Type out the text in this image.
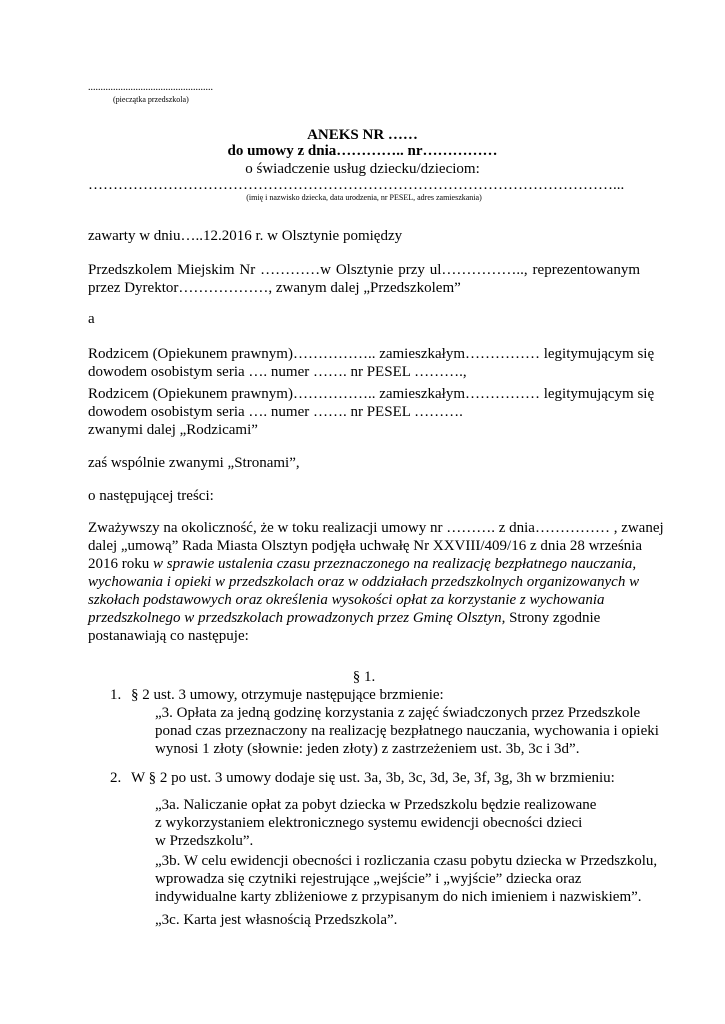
..................................................
(pieczątka przedszkola)
ANEKS NR ……
do umowy z dnia………….. nr……………
o świadczenie usług dziecku/dzieciom:
……………………………………………………………………………………………...
(imię i nazwisko dziecka, data urodzenia, nr PESEL, adres zamieszkania)
zawarty w dniu…..12.2016 r. w Olsztynie pomiędzy
Przedszkolem Miejskim Nr …………w Olsztynie przy ul…………….., reprezentowanym
przez Dyrektor………………, zwanym dalej „Przedszkolem”
a
Rodzicem (Opiekunem prawnym)…………….. zamieszkałym…………… legitymującym się
dowodem osobistym seria …. numer ……. nr PESEL ……….,
Rodzicem (Opiekunem prawnym)…………….. zamieszkałym…………… legitymującym się
dowodem osobistym seria …. numer ……. nr PESEL ……….
zwanymi dalej „Rodzicami”
zaś wspólnie zwanymi „Stronami”,
o następującej treści:
Zważywszy na okoliczność, że w toku realizacji umowy nr ………. z dnia…………… , zwanej
dalej „umową” Rada Miasta Olsztyn podjęła uchwałę Nr XXVIII/409/16 z dnia 28 września
2016 roku w sprawie ustalenia czasu przeznaczonego na realizację bezpłatnego nauczania,
wychowania i opieki w przedszkolach oraz w oddziałach przedszkolnych organizowanych w
szkołach podstawowych oraz określenia wysokości opłat za korzystanie z wychowania
przedszkolnego w przedszkolach prowadzonych przez Gminę Olsztyn, Strony zgodnie
postanawiają co następuje:
§ 1.
1. § 2 ust. 3 umowy, otrzymuje następujące brzmienie:
„3. Opłata za jedną godzinę korzystania z zajęć świadczonych przez Przedszkole
ponad czas przeznaczony na realizację bezpłatnego nauczania, wychowania i opieki
wynosi 1 złoty (słownie: jeden złoty) z zastrzeżeniem ust. 3b, 3c i 3d”.
2. W § 2 po ust. 3 umowy dodaje się ust. 3a, 3b, 3c, 3d, 3e, 3f, 3g, 3h w brzmieniu:
„3a. Naliczanie opłat za pobyt dziecka w Przedszkolu będzie realizowane
z wykorzystaniem elektronicznego systemu ewidencji obecności dzieci
w Przedszkolu”.
„3b. W celu ewidencji obecności i rozliczania czasu pobytu dziecka w Przedszkolu,
wprowadza się czytniki rejestrujące „wejście” i „wyjście” dziecka oraz
indywidualne karty zbliżeniowe z przypisanym do nich imieniem i nazwiskiem”.
„3c. Karta jest własnością Przedszkola”.
